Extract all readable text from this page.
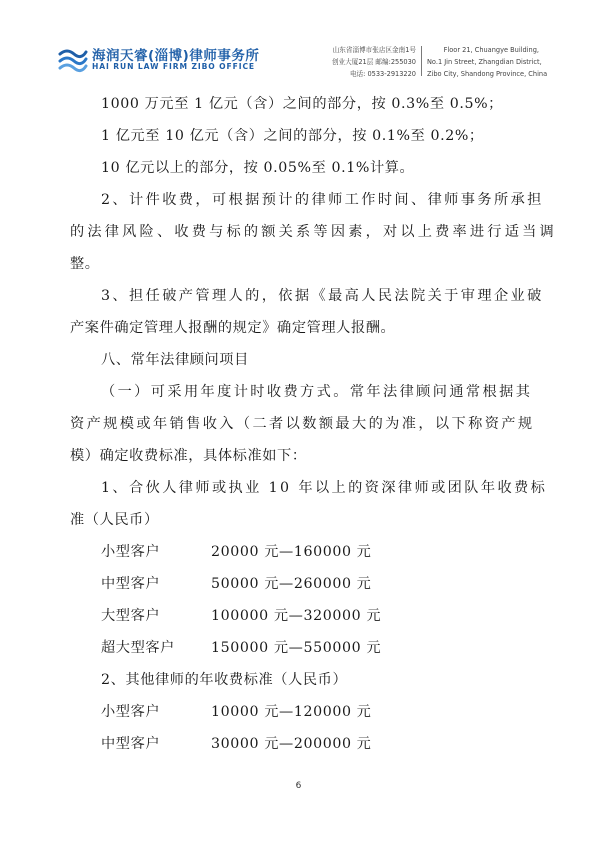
海润天睿(淄博)律师事务所
HAI RUN LAW FIRM ZIBO OFFICE
山东省淄博市张店区金南1号
创业大厦21层 邮编:255030
电话: 0533-2913220
Floor 21, Chuangye Building,
No.1 Jin Street, Zhangdian District,
Zibo City, Shandong Province, China
1000 万元至 1 亿元（含）之间的部分，按 0.3%至 0.5%；
1 亿元至 10 亿元（含）之间的部分，按 0.1%至 0.2%；
10 亿元以上的部分，按 0.05%至 0.1%计算。
2、计件收费，可根据预计的律师工作时间、律师事务所承担
的法律风险、收费与标的额关系等因素，对以上费率进行适当调
整。
3、担任破产管理人的，依据《最高人民法院关于审理企业破
产案件确定管理人报酬的规定》确定管理人报酬。
八、常年法律顾问项目
（一）可采用年度计时收费方式。常年法律顾问通常根据其
资产规模或年销售收入（二者以数额最大的为准，以下称资产规
模）确定收费标准，具体标准如下：
1、合伙人律师或执业 10 年以上的资深律师或团队年收费标
准（人民币）
小型客户	20000 元—160000 元
中型客户	50000 元—260000 元
大型客户	100000 元—320000 元
超大型客户	150000 元—550000 元
2、其他律师的年收费标准（人民币）
小型客户	10000 元—120000 元
中型客户	30000 元—200000 元
6
